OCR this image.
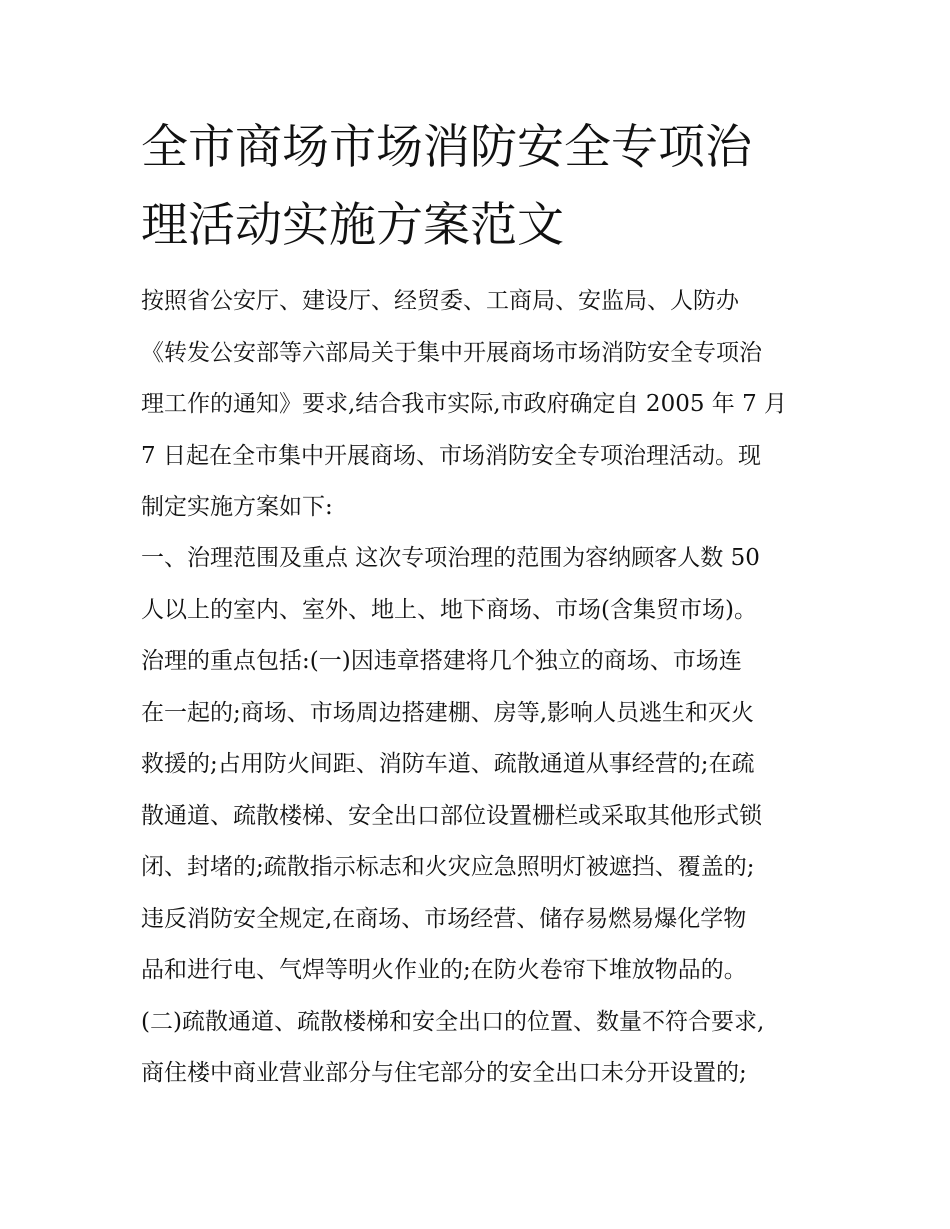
全市商场市场消防安全专项治
理活动实施方案范文

按照省公安厅、建设厅、经贸委、工商局、安监局、人防办
《转发公安部等六部局关于集中开展商场市场消防安全专项治
理工作的通知》要求,结合我市实际,市政府确定自 2005 年 7 月
7 日起在全市集中开展商场、市场消防安全专项治理活动。现
制定实施方案如下:

一、治理范围及重点 这次专项治理的范围为容纳顾客人数 50
人以上的室内、室外、地上、地下商场、市场(含集贸市场)。
治理的重点包括:(一)因违章搭建将几个独立的商场、市场连
在一起的;商场、市场周边搭建棚、房等,影响人员逃生和灭火
救援的;占用防火间距、消防车道、疏散通道从事经营的;在疏
散通道、疏散楼梯、安全出口部位设置栅栏或采取其他形式锁
闭、封堵的;疏散指示标志和火灾应急照明灯被遮挡、覆盖的;
违反消防安全规定,在商场、市场经营、储存易燃易爆化学物
品和进行电、气焊等明火作业的;在防火卷帘下堆放物品的。
(二)疏散通道、疏散楼梯和安全出口的位置、数量不符合要求,
商住楼中商业营业部分与住宅部分的安全出口未分开设置的;
